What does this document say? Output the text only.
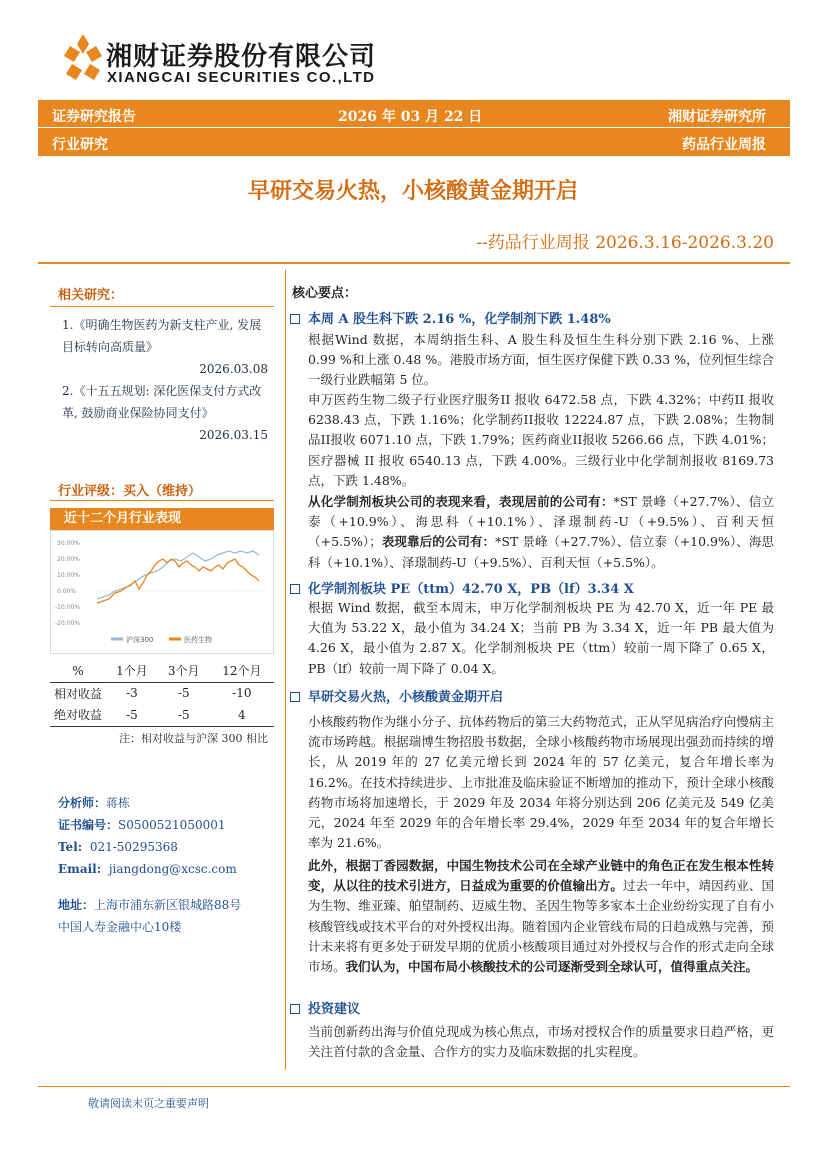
湘财证券股份有限公司
XIANGCAI SECURITIES CO.,LTD
证券研究报告	2026 年 03 月 22 日	湘财证券研究所
行业研究	药品行业周报
早研交易火热，小核酸黄金期开启
--药品行业周报 2026.3.16-2026.3.20
相关研究：
1.《明确生物医药为新支柱产业, 发展目标转向高质量》
2026.03.08
2.《十五五规划: 深化医保支付方式改革, 鼓励商业保险协同支付》
2026.03.15
行业评级：买入（维持）
近十二个月行业表现
30.00%
20.00%
10.00%
0.00%
-10.00%
-20.00%
沪深300	医药生物
%	1个月	3个月	12个月
相对收益	-3	-5	-10
绝对收益	-5	-5	4
注：相对收益与沪深 300 相比
分析师：蒋栋
证书编号：S0500521050001
Tel: 021-50295368
Email: jiangdong@xcsc.com
地址：上海市浦东新区银城路88号
中国人寿金融中心10楼
核心要点：
本周 A 股生科下跌 2.16 %，化学制剂下跌 1.48%
根据Wind 数据，本周纳指生科、A 股生科及恒生生科分别下跌 2.16 %、上涨 0.99 %和上涨 0.48 %。港股市场方面，恒生医疗保健下跌 0.33 %，位列恒生综合一级行业跌幅第 5 位。
申万医药生物二级子行业医疗服务II 报收 6472.58 点，下跌 4.32%；中药II 报收 6238.43 点，下跌 1.16%；化学制药II报收 12224.87 点，下跌 2.08%；生物制品II报收 6071.10 点，下跌 1.79%；医药商业II报收 5266.66 点，下跌 4.01%；医疗器械 II 报收 6540.13 点，下跌 4.00%。三级行业中化学制剂报收 8169.73 点，下跌 1.48%。
从化学制剂板块公司的表现来看，表现居前的公司有：*ST 景峰（+27.7%）、信立泰（+10.9%）、海思科（+10.1%）、泽璟制药-U（+9.5%）、百利天恒（+5.5%）；表现靠后的公司有：*ST 景峰（+27.7%）、信立泰（+10.9%）、海思科（+10.1%）、泽璟制药-U（+9.5%）、百利天恒（+5.5%）。
化学制剂板块 PE（ttm）42.70 X，PB（lf）3.34 X
根据 Wind 数据，截至本周末，申万化学制剂板块 PE 为 42.70 X，近一年 PE 最大值为 53.22 X，最小值为 34.24 X；当前 PB 为 3.34 X，近一年 PB 最大值为 4.26 X，最小值为 2.87 X。化学制剂板块 PE（ttm）较前一周下降了 0.65 X，PB（lf）较前一周下降了 0.04 X。
早研交易火热，小核酸黄金期开启
小核酸药物作为继小分子、抗体药物后的第三大药物范式，正从罕见病治疗向慢病主流市场跨越。根据瑞博生物招股书数据，全球小核酸药物市场展现出强劲而持续的增长，从 2019 年的 27 亿美元增长到 2024 年的 57 亿美元，复合年增长率为 16.2%。在技术持续进步、上市批准及临床验证不断增加的推动下，预计全球小核酸药物市场将加速增长，于 2029 年及 2034 年将分别达到 206 亿美元及 549 亿美元，2024 年至 2029 年的合年增长率 29.4%，2029 年至 2034 年的复合年增长率为 21.6%。
此外，根据丁香园数据，中国生物技术公司在全球产业链中的角色正在发生根本性转变，从以往的技术引进方，日益成为重要的价值输出方。过去一年中，靖因药业、国为生物、维亚臻、舶望制药、迈威生物、圣因生物等多家本土企业纷纷实现了自有小核酸管线或技术平台的对外授权出海。随着国内企业管线布局的日趋成熟与完善，预计未来将有更多处于研发早期的优质小核酸项目通过对外授权与合作的形式走向全球市场。我们认为，中国布局小核酸技术的公司逐渐受到全球认可，值得重点关注。
投资建议
当前创新药出海与价值兑现成为核心焦点，市场对授权合作的质量要求日趋严格，更关注首付款的含金量、合作方的实力及临床数据的扎实程度。
敬请阅读末页之重要声明
